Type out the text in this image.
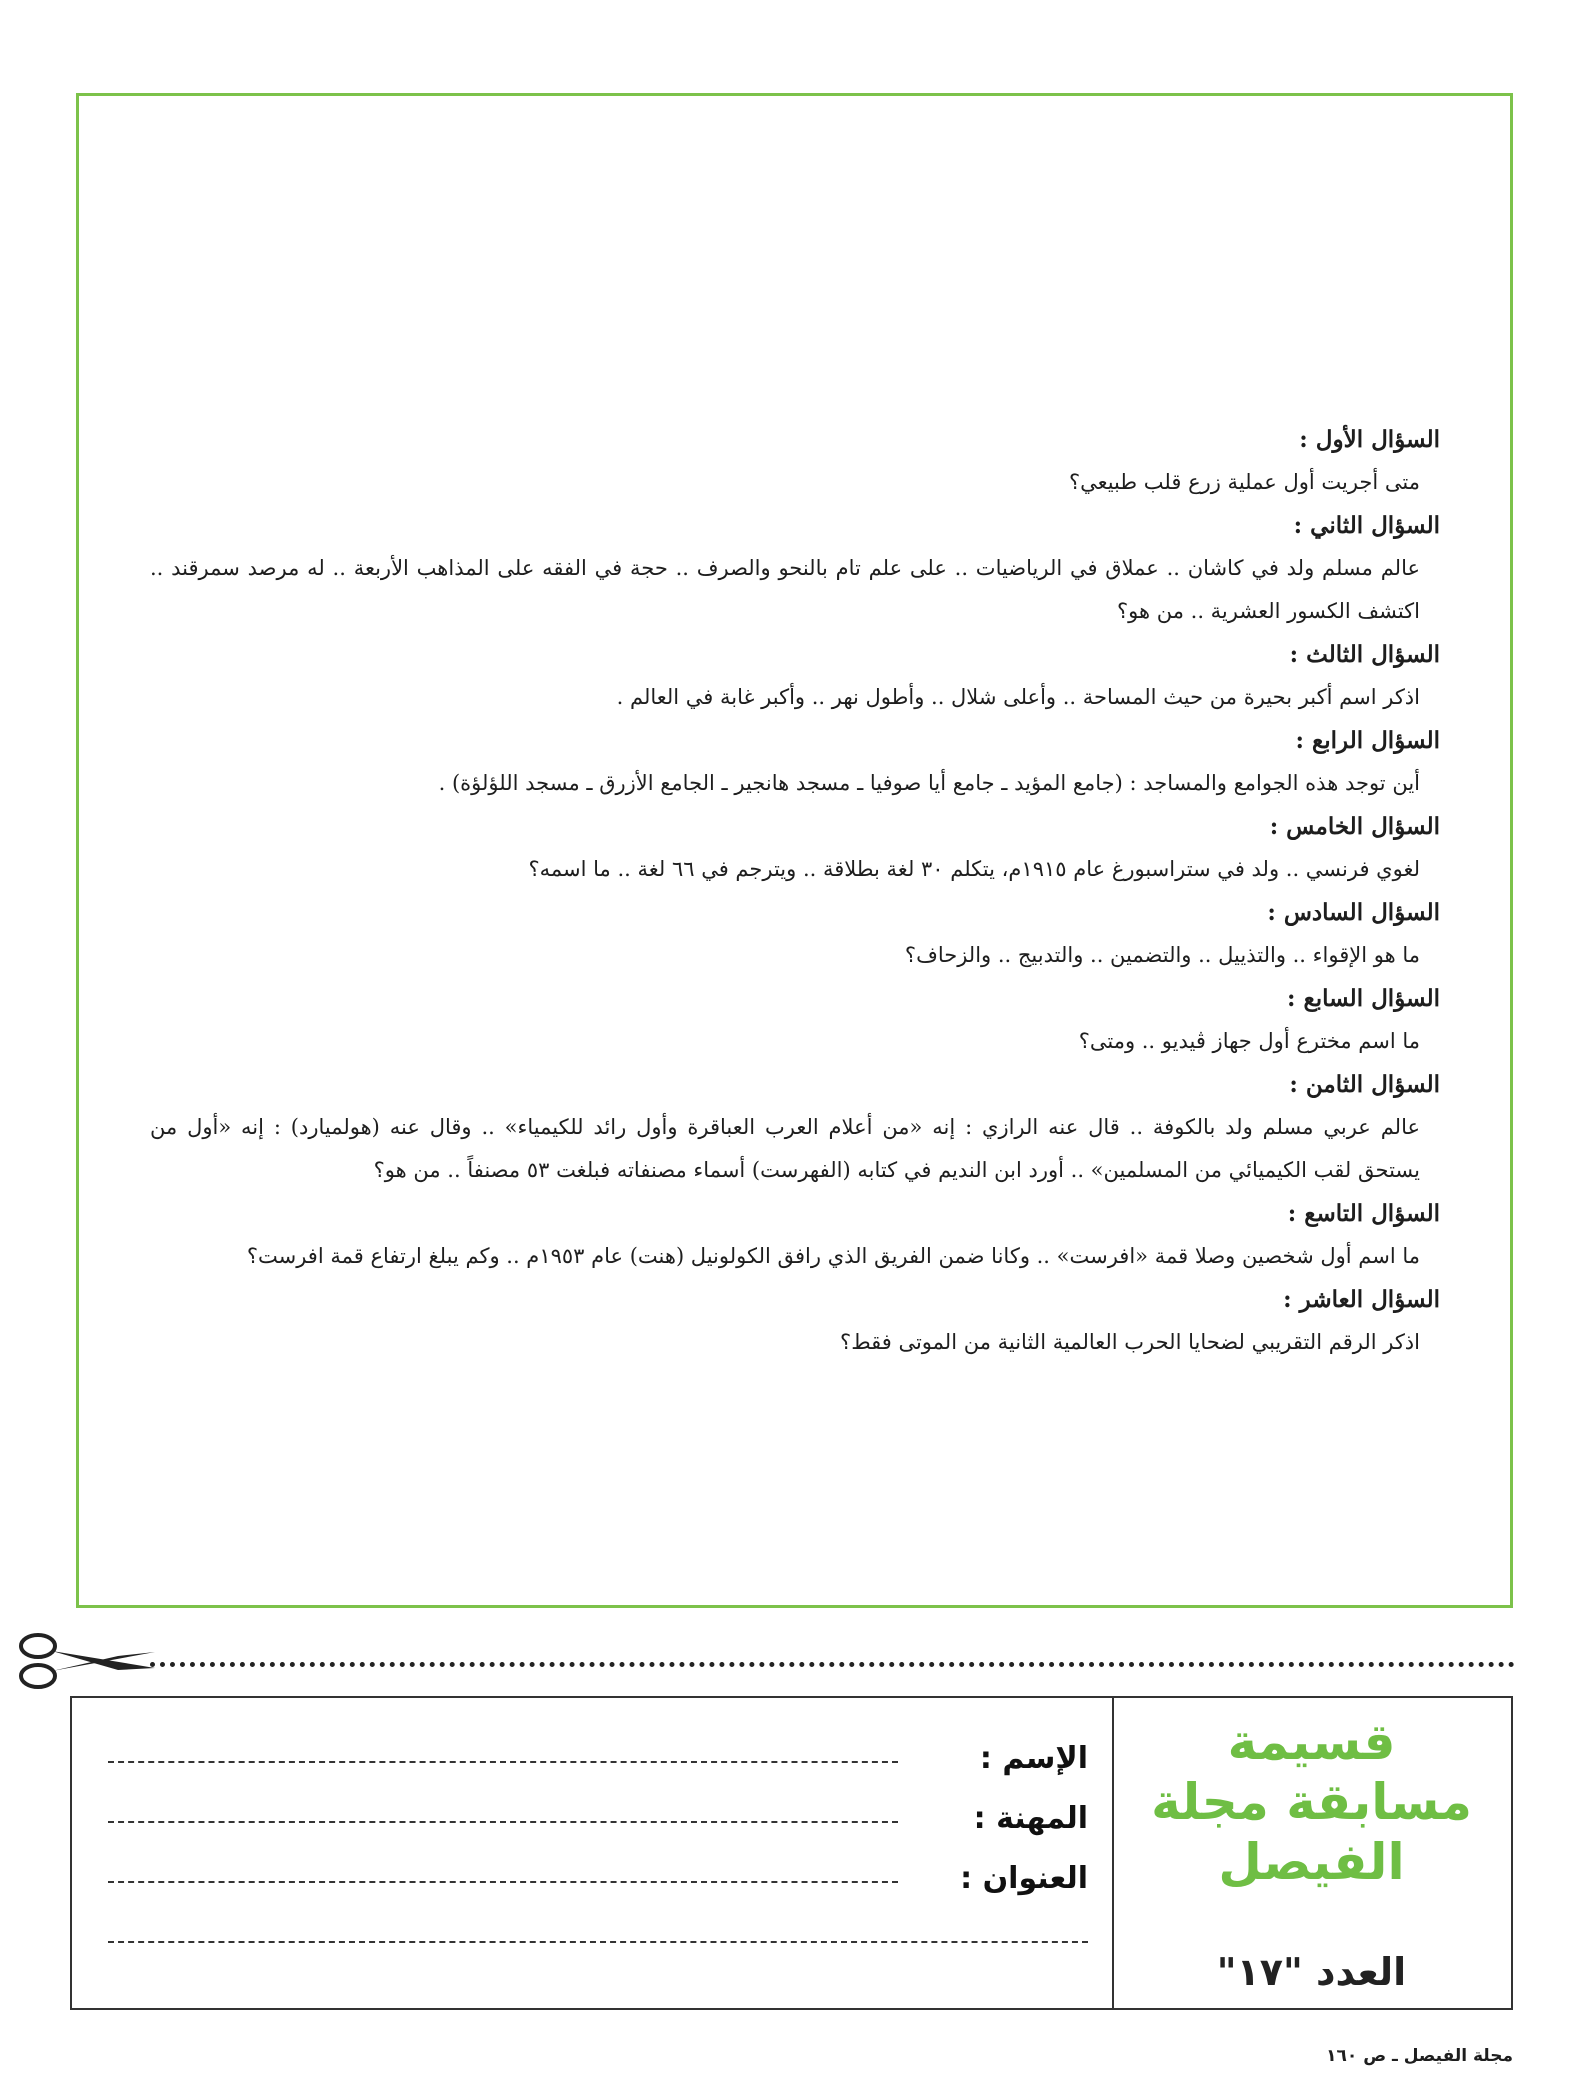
السؤال الأول :
متى أجريت أول عملية زرع قلب طبيعي؟
السؤال الثاني :
عالم مسلم ولد في كاشان .. عملاق في الرياضيات .. على علم تام بالنحو والصرف .. حجة في الفقه على المذاهب الأربعة .. له مرصد سمرقند ..
اكتشف الكسور العشرية .. من هو؟
السؤال الثالث :
اذكر اسم أكبر بحيرة من حيث المساحة .. وأعلى شلال .. وأطول نهر .. وأكبر غابة في العالم .
السؤال الرابع :
أين توجد هذه الجوامع والمساجد : (جامع المؤيد ـ جامع أيا صوفيا ـ مسجد هانجير ـ الجامع الأزرق ـ مسجد اللؤلؤة) .
السؤال الخامس :
لغوي فرنسي .. ولد في ستراسبورغ عام ١٩١٥م، يتكلم ٣٠ لغة بطلاقة .. ويترجم في ٦٦ لغة .. ما اسمه؟
السؤال السادس :
ما هو الإقواء .. والتذييل .. والتضمين .. والتدبيج .. والزحاف؟
السؤال السابع :
ما اسم مخترع أول جهاز ڤيديو .. ومتى؟
السؤال الثامن :
عالم عربي مسلم ولد بالكوفة .. قال عنه الرازي : إنه «من أعلام العرب العباقرة وأول رائد للكيمياء» .. وقال عنه (هولميارد) : إنه «أول من
يستحق لقب الكيميائي من المسلمين» .. أورد ابن النديم في كتابه (الفهرست) أسماء مصنفاته فبلغت ٥٣ مصنفاً .. من هو؟
السؤال التاسع :
ما اسم أول شخصين وصلا قمة «افرست» .. وكانا ضمن الفريق الذي رافق الكولونيل (هنت) عام ١٩٥٣م .. وكم يبلغ ارتفاع قمة افرست؟
السؤال العاشر :
اذكر الرقم التقريبي لضحايا الحرب العالمية الثانية من الموتى فقط؟
الإسم :
المهنة :
العنوان :
قسيمة
مسابقة مجلة
الفيصل
العدد "١٧"
مجلة الفيصل ـ ص ١٦٠
